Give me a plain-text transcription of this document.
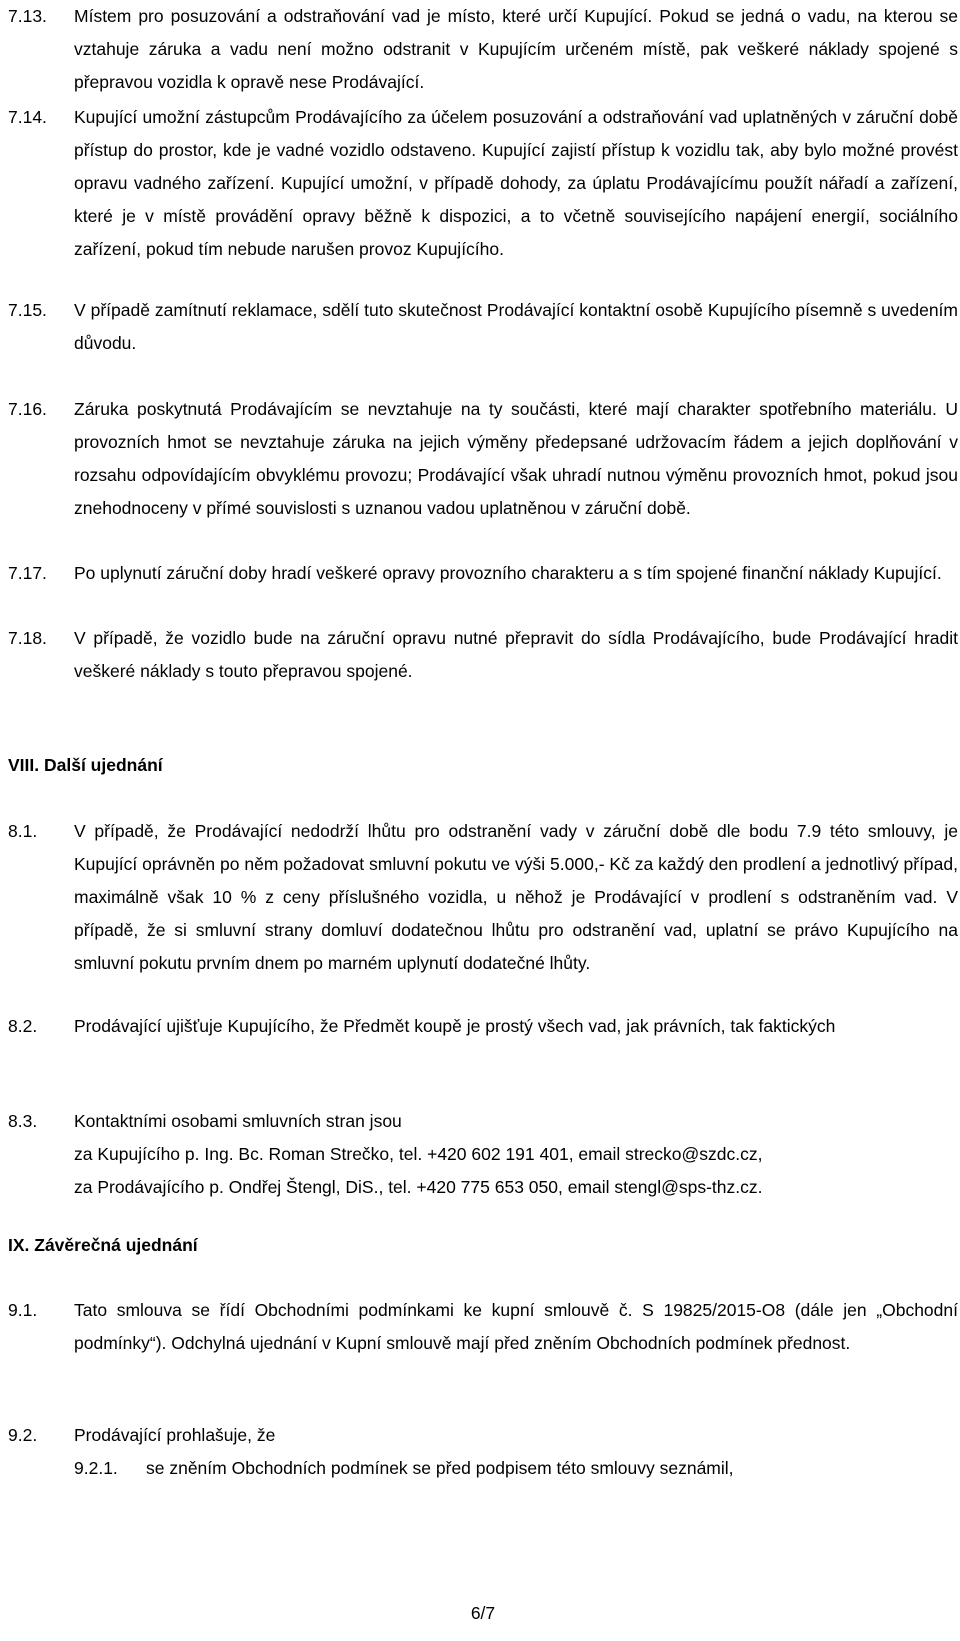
7.13. Místem pro posuzování a odstraňování vad je místo, které určí Kupující. Pokud se jedná o vadu, na kterou se vztahuje záruka a vadu není možno odstranit v Kupujícím určeném místě, pak veškeré náklady spojené s přepravou vozidla k opravě nese Prodávající.
7.14. Kupující umožní zástupcům Prodávajícího za účelem posuzování a odstraňování vad uplatněných v záruční době přístup do prostor, kde je vadné vozidlo odstaveno. Kupující zajistí přístup k vozidlu tak, aby bylo možné provést opravu vadného zařízení. Kupující umožní, v případě dohody, za úplatu Prodávajícímu použít nářadí a zařízení, které je v místě provádění opravy běžně k dispozici, a to včetně souvisejícího napájení energií, sociálního zařízení, pokud tím nebude narušen provoz Kupujícího.
7.15. V případě zamítnutí reklamace, sdělí tuto skutečnost Prodávající kontaktní osobě Kupujícího písemně s uvedením důvodu.
7.16. Záruka poskytnutá Prodávajícím se nevztahuje na ty součásti, které mají charakter spotřebního materiálu. U provozních hmot se nevztahuje záruka na jejich výměny předepsané udržovacím řádem a jejich doplňování v rozsahu odpovídajícím obvyklému provozu; Prodávající však uhradí nutnou výměnu provozních hmot, pokud jsou znehodnoceny v přímé souvislosti s uznanou vadou uplatněnou v záruční době.
7.17. Po uplynutí záruční doby hradí veškeré opravy provozního charakteru a s tím spojené finanční náklady Kupující.
7.18. V případě, že vozidlo bude na záruční opravu nutné přepravit do sídla Prodávajícího, bude Prodávající hradit veškeré náklady s touto přepravou spojené.
VIII. Další ujednání
8.1. V případě, že Prodávající nedodrží lhůtu pro odstranění vady v záruční době dle bodu 7.9 této smlouvy, je Kupující oprávněn po něm požadovat smluvní pokutu ve výši 5.000,- Kč za každý den prodlení a jednotlivý případ, maximálně však 10 % z ceny příslušného vozidla, u něhož je Prodávající v prodlení s odstraněním vad. V případě, že si smluvní strany domluví dodatečnou lhůtu pro odstranění vad, uplatní se právo Kupujícího na smluvní pokutu prvním dnem po marném uplynutí dodatečné lhůty.
8.2. Prodávající ujišťuje Kupujícího, že Předmět koupě je prostý všech vad, jak právních, tak faktických
8.3. Kontaktními osobami smluvních stran jsou
za Kupujícího p. Ing. Bc. Roman Strečko, tel. +420 602 191 401, email strecko@szdc.cz,
za Prodávajícího p. Ondřej Štengl, DiS., tel. +420 775 653 050, email stengl@sps-thz.cz.
IX. Závěrečná ujednání
9.1. Tato smlouva se řídí Obchodními podmínkami ke kupní smlouvě č. S 19825/2015-O8 (dále jen „Obchodní podmínky“). Odchylná ujednání v Kupní smlouvě mají před zněním Obchodních podmínek přednost.
9.2. Prodávající prohlašuje, že
9.2.1. se zněním Obchodních podmínek se před podpisem této smlouvy seznámil,
6/7
